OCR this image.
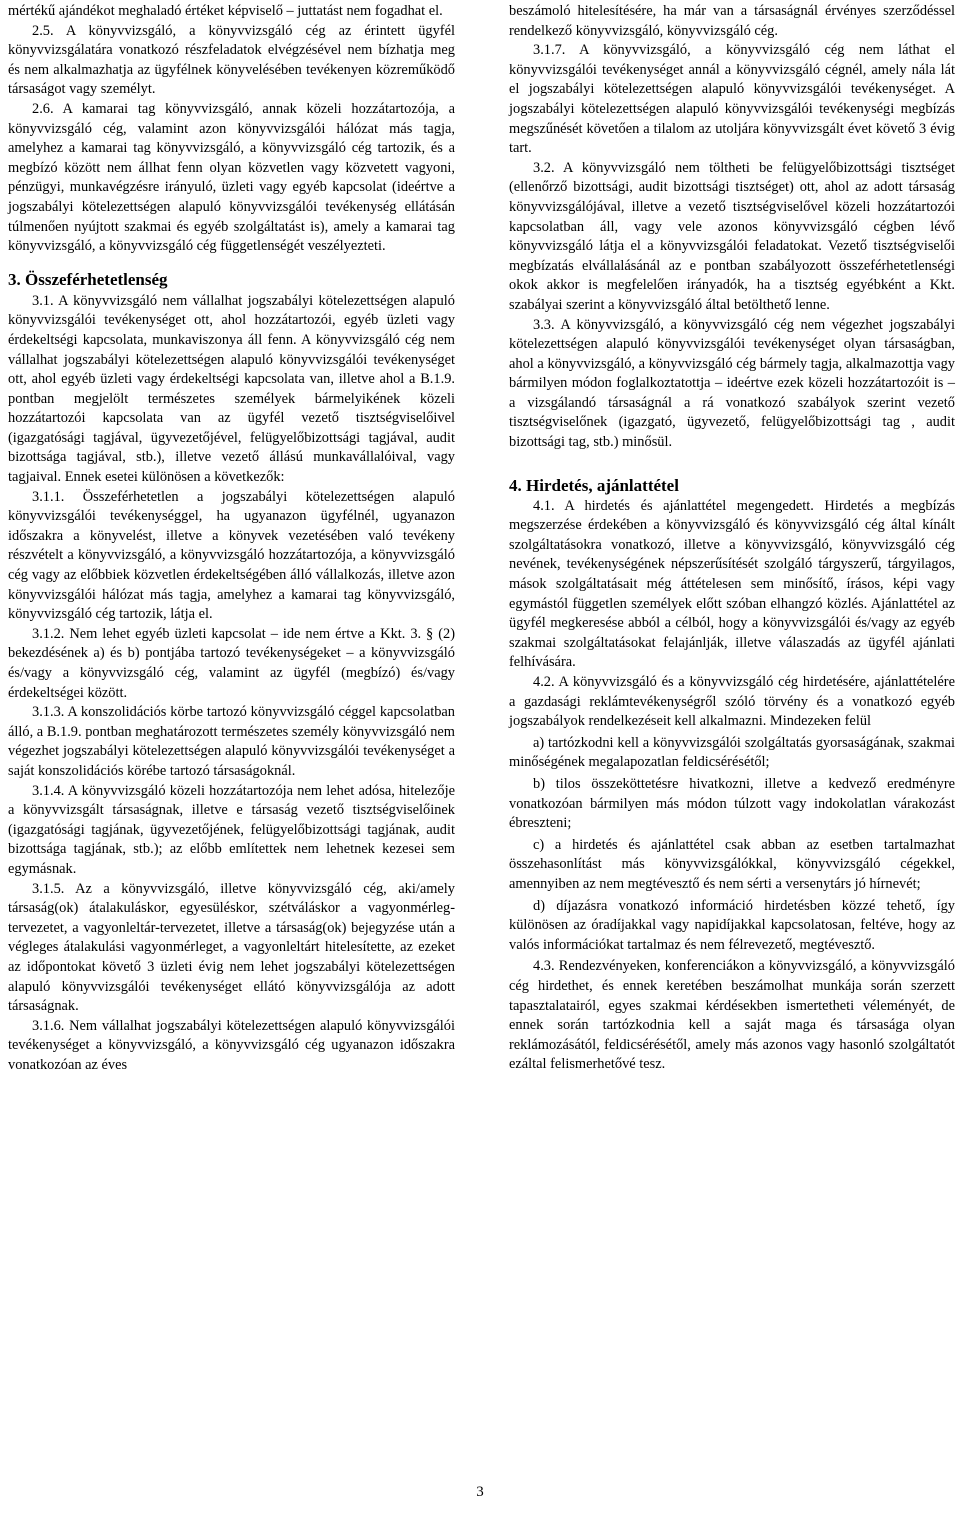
mértékű ajándékot meghaladó értéket képviselő – juttatást nem fogadhat el.

2.5. A könyvvizsgáló, a könyvvizsgáló cég az érintett ügyfél könyvvizsgálatára vonatkozó részfeladatok elvégzésével nem bízhatja meg és nem alkalmazhatja az ügyfélnek könyvelésében tevékenyen közreműködő társaságot vagy személyt.

2.6. A kamarai tag könyvvizsgáló, annak közeli hozzátartozója, a könyvvizsgáló cég, valamint azon könyvvizsgálói hálózat más tagja, amelyhez a kamarai tag könyvvizsgáló, a könyvvizsgáló cég tartozik, és a megbízó között nem állhat fenn olyan közvetlen vagy közvetett vagyoni, pénzügyi, munkavégzésre irányuló, üzleti vagy egyéb kapcsolat (ideértve a jogszabályi kötelezettségen alapuló könyvvizsgálói tevékenység ellátásán túlmenően nyújtott szakmai és egyéb szolgáltatást is), amely a kamarai tag könyvvizsgáló, a könyvvizsgáló cég függetlenségét veszélyezteti.

3. Összeférhetetlenség

3.1. A könyvvizsgáló nem vállalhat jogszabályi kötelezettségen alapuló könyvvizsgálói tevékenységet ott, ahol hozzátartozói, egyéb üzleti vagy érdekeltségi kapcsolata, munkaviszonya áll fenn. A könyvvizsgáló cég nem vállalhat jogszabályi kötelezettségen alapuló könyvvizsgálói tevékenységet ott, ahol egyéb üzleti vagy érdekeltségi kapcsolata van, illetve ahol a B.1.9. pontban megjelölt természetes személyek bármelyikének közeli hozzátartozói kapcsolata van az ügyfél vezető tisztségviselőivel (igazgatósági tagjával, ügyvezetőjével, felügyelőbizottsági tagjával, audit bizottsága tagjával, stb.), illetve vezető állású munkavállalóival, vagy tagjaival. Ennek esetei különösen a következők:

3.1.1. Összeférhetetlen a jogszabályi kötelezettségen alapuló könyvvizsgálói tevékenységgel, ha ugyanazon ügyfélnél, ugyanazon időszakra a könyvelést, illetve a könyvek vezetésében való tevékeny részvételt a könyvvizsgáló, a könyvvizsgáló hozzátartozója, a könyvvizsgáló cég vagy az előbbiek közvetlen érdekeltségében álló vállalkozás, illetve azon könyvvizsgálói hálózat más tagja, amelyhez a kamarai tag könyvvizsgáló, könyvvizsgáló cég tartozik, látja el.

3.1.2. Nem lehet egyéb üzleti kapcsolat – ide nem értve a Kkt. 3. § (2) bekezdésének a) és b) pontjába tartozó tevékenységeket – a könyvvizsgáló és/vagy a könyvvizsgáló cég, valamint az ügyfél (megbízó) és/vagy érdekeltségei között.

3.1.3. A konszolidációs körbe tartozó könyvvizsgáló céggel kapcsolatban álló, a B.1.9. pontban meghatározott természetes személy könyvvizsgáló nem végezhet jogszabályi kötelezettségen alapuló könyvvizsgálói tevékenységet a saját konszolidációs körébe tartozó társaságoknál.

3.1.4. A könyvvizsgáló közeli hozzátartozója nem lehet adósa, hitelezője a könyvvizsgált társaságnak, illetve e társaság vezető tisztségviselőinek (igazgatósági tagjának, ügyvezetőjének, felügyelőbizottsági tagjának, audit bizottsága tagjának, stb.); az előbb említettek nem lehetnek kezesei sem egymásnak.

3.1.5. Az a könyvvizsgáló, illetve könyvvizsgáló cég, aki/amely társaság(ok) átalakuláskor, egyesüléskor, szétváláskor a vagyonmérleg-tervezetet, a vagyonleltár-tervezetet, illetve a társaság(ok) bejegyzése után a végleges átalakulási vagyonmérleget, a vagyonleltárt hitelesítette, az ezeket az időpontokat követő 3 üzleti évig nem lehet jogszabályi kötelezettségen alapuló könyvvizsgálói tevékenységet ellátó könyvvizsgálója az adott társaságnak.

3.1.6. Nem vállalhat jogszabályi kötelezettségen alapuló könyvvizsgálói tevékenységet a könyvvizsgáló, a könyvvizsgáló cég ugyanazon időszakra vonatkozóan az éves

beszámoló hitelesítésére, ha már van a társaságnál érvényes szerződéssel rendelkező könyvvizsgáló, könyvvizsgáló cég.

3.1.7. A könyvvizsgáló, a könyvvizsgáló cég nem láthat el könyvvizsgálói tevékenységet annál a könyvvizsgáló cégnél, amely nála lát el jogszabályi kötelezettségen alapuló könyvvizsgálói tevékenységet. A jogszabályi kötelezettségen alapuló könyvvizsgálói tevékenységi megbízás megszűnését követően a tilalom az utoljára könyvvizsgált évet követő 3 évig tart.

3.2. A könyvvizsgáló nem töltheti be felügyelőbizottsági tisztséget (ellenőrző bizottsági, audit bizottsági tisztséget) ott, ahol az adott társaság könyvvizsgálójával, illetve a vezető tisztségviselővel közeli hozzátartozói kapcsolatban áll, vagy vele azonos könyvvizsgáló cégben lévő könyvvizsgáló látja el a könyvvizsgálói feladatokat. Vezető tisztségviselői megbízatás elvállalásánál az e pontban szabályozott összeférhetetlenségi okok akkor is megfelelően irányadók, ha a tisztség egyébként a Kkt. szabályai szerint a könyvvizsgáló által betölthető lenne.

3.3. A könyvvizsgáló, a könyvvizsgáló cég nem végezhet jogszabályi kötelezettségen alapuló könyvvizsgálói tevékenységet olyan társaságban, ahol a könyvvizsgáló, a könyvvizsgáló cég bármely tagja, alkalmazottja vagy bármilyen módon foglalkoztatottja – ideértve ezek közeli hozzátartozóit is – a vizsgálandó társaságnál a rá vonatkozó szabályok szerint vezető tisztségviselőnek (igazgató, ügyvezető, felügyelőbizottsági tag , audit bizottsági tag, stb.) minősül.

4. Hirdetés, ajánlattétel

4.1. A hirdetés és ajánlattétel megengedett. Hirdetés a megbízás megszerzése érdekében a könyvvizsgáló és könyvvizsgáló cég által kínált szolgáltatásokra vonatkozó, illetve a könyvvizsgáló, könyvvizsgáló cég nevének, tevékenységének népszerűsítését szolgáló tárgyszerű, tárgyilagos, mások szolgáltatásait még áttételesen sem minősítő, írásos, képi vagy egymástól független személyek előtt szóban elhangzó közlés. Ajánlattétel az ügyfél megkeresése abból a célból, hogy a könyvvizsgálói és/vagy az egyéb szakmai szolgáltatásokat felajánlják, illetve válaszadás az ügyfél ajánlati felhívására.

4.2. A könyvvizsgáló és a könyvvizsgáló cég hirdetésére, ajánlattételére a gazdasági reklámtevékenységről szóló törvény és a vonatkozó egyéb jogszabályok rendelkezéseit kell alkalmazni. Mindezeken felül

a) tartózkodni kell a könyvvizsgálói szolgáltatás gyorsaságának, szakmai minőségének megalapozatlan feldicsérésétől;

b) tilos összeköttetésre hivatkozni, illetve a kedvező eredményre vonatkozóan bármilyen más módon túlzott vagy indokolatlan várakozást ébreszteni;

c) a hirdetés és ajánlattétel csak abban az esetben tartalmazhat összehasonlítást más könyvvizsgálókkal, könyvvizsgáló cégekkel, amennyiben az nem megtévesztő és nem sérti a versenytárs jó hírnevét;

d) díjazásra vonatkozó információ hirdetésben közzé tehető, így különösen az óradíjakkal vagy napidíjakkal kapcsolatosan, feltéve, hogy az valós információkat tartalmaz és nem félrevezető, megtévesztő.

4.3. Rendezvényeken, konferenciákon a könyvvizsgáló, a könyvvizsgáló cég hirdethet, és ennek keretében beszámolhat munkája során szerzett tapasztalatairól, egyes szakmai kérdésekben ismertetheti véleményét, de ennek során tartózkodnia kell a saját maga és társasága olyan reklámozásától, feldicsérésétől, amely más azonos vagy hasonló szolgáltatót ezáltal felismerhetővé tesz.

3
